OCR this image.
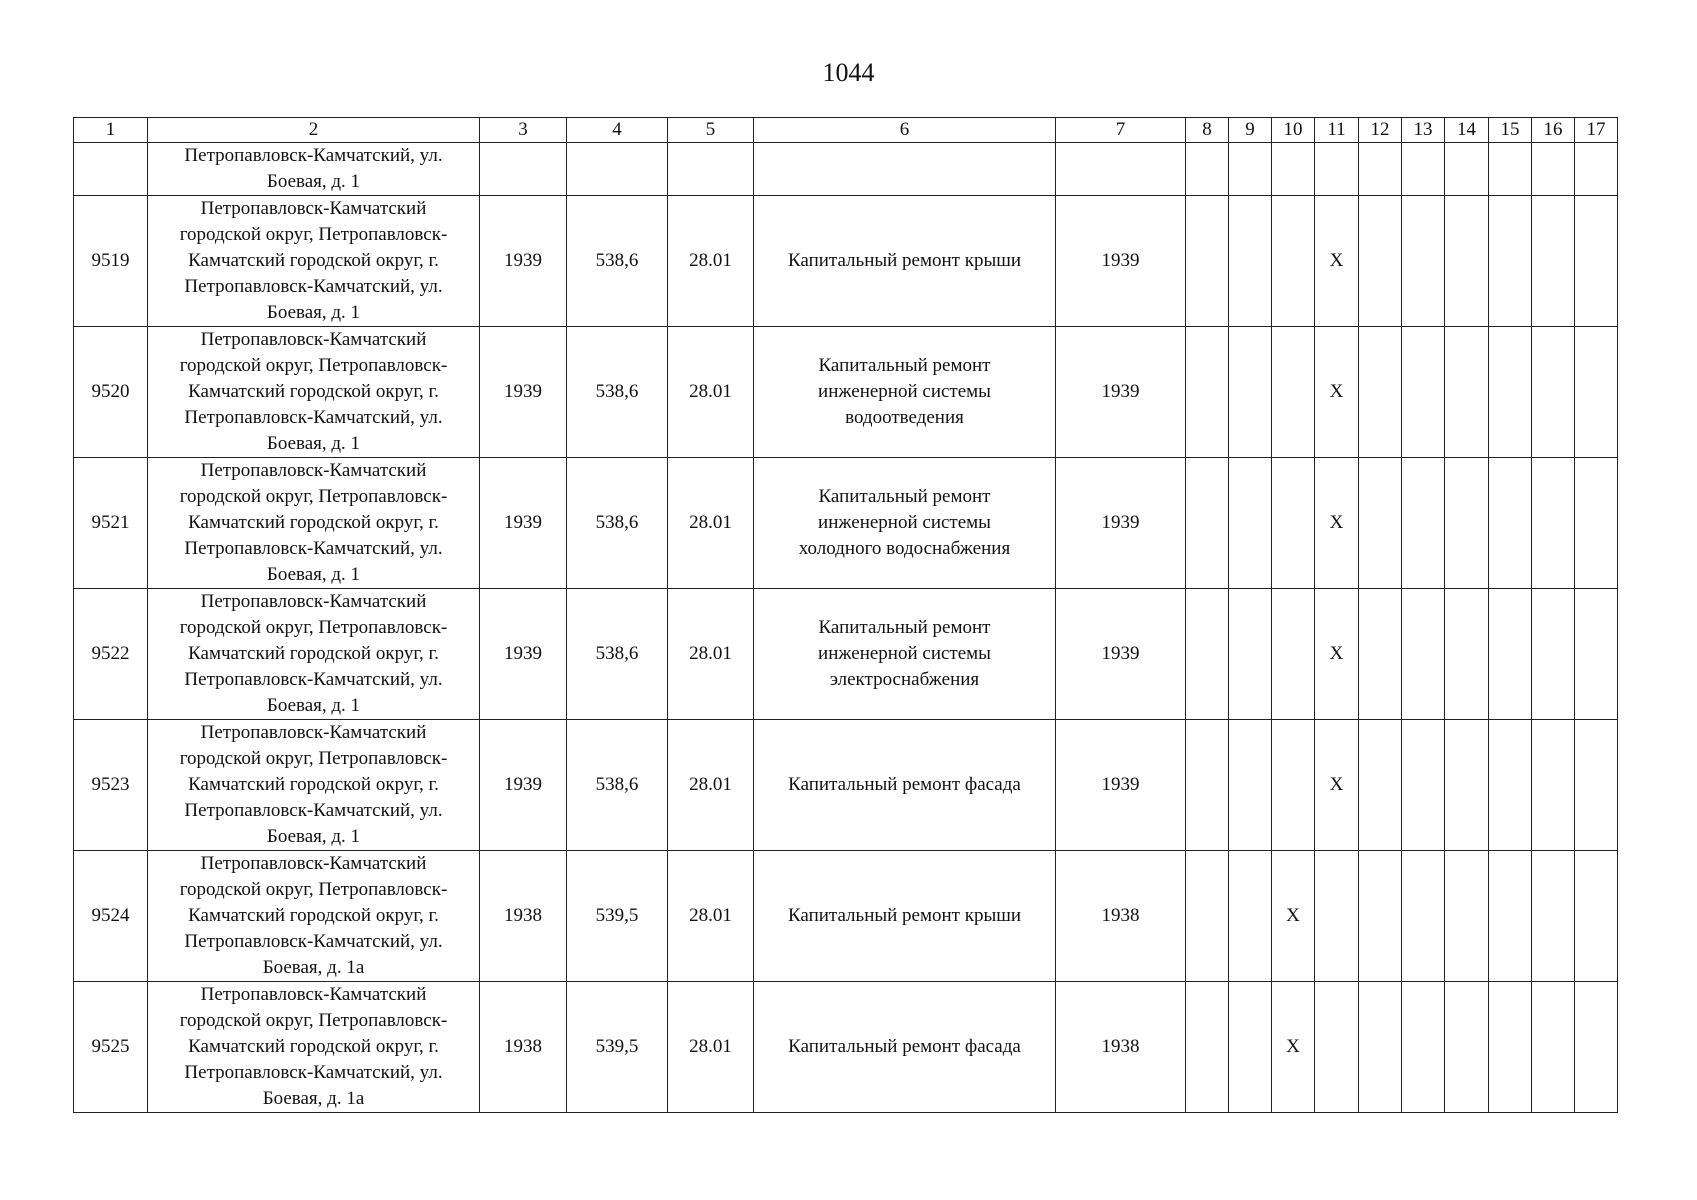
1044
1	2	3	4	5	6	7	8	9	10	11	12	13	14	15	16	17

	Петропавловск-Камчатский, ул.
Боевая, д. 1															

9519	Петропавловск-Камчатский
городской округ, Петропавловск-
Камчатский городской округ, г.
Петропавловск-Камчатский, ул.
Боевая, д. 1	1939	538,6	28.01	Капитальный ремонт крыши	1939				X						
9520	Петропавловск-Камчатский
городской округ, Петропавловск-
Камчатский городской округ, г.
Петропавловск-Камчатский, ул.
Боевая, д. 1	1939	538,6	28.01	Капитальный ремонт
инженерной системы
водоотведения	1939				X						
9521	Петропавловск-Камчатский
городской округ, Петропавловск-
Камчатский городской округ, г.
Петропавловск-Камчатский, ул.
Боевая, д. 1	1939	538,6	28.01	Капитальный ремонт
инженерной системы
холодного водоснабжения	1939				X						
9522	Петропавловск-Камчатский
городской округ, Петропавловск-
Камчатский городской округ, г.
Петропавловск-Камчатский, ул.
Боевая, д. 1	1939	538,6	28.01	Капитальный ремонт
инженерной системы
электроснабжения	1939				X						
9523	Петропавловск-Камчатский
городской округ, Петропавловск-
Камчатский городской округ, г.
Петропавловск-Камчатский, ул.
Боевая, д. 1	1939	538,6	28.01	Капитальный ремонт фасада	1939				X						
9524	Петропавловск-Камчатский
городской округ, Петропавловск-
Камчатский городской округ, г.
Петропавловск-Камчатский, ул.
Боевая, д. 1а	1938	539,5	28.01	Капитальный ремонт крыши	1938			X							
9525	Петропавловск-Камчатский
городской округ, Петропавловск-
Камчатский городской округ, г.
Петропавловск-Камчатский, ул.
Боевая, д. 1а	1938	539,5	28.01	Капитальный ремонт фасада	1938			X							
